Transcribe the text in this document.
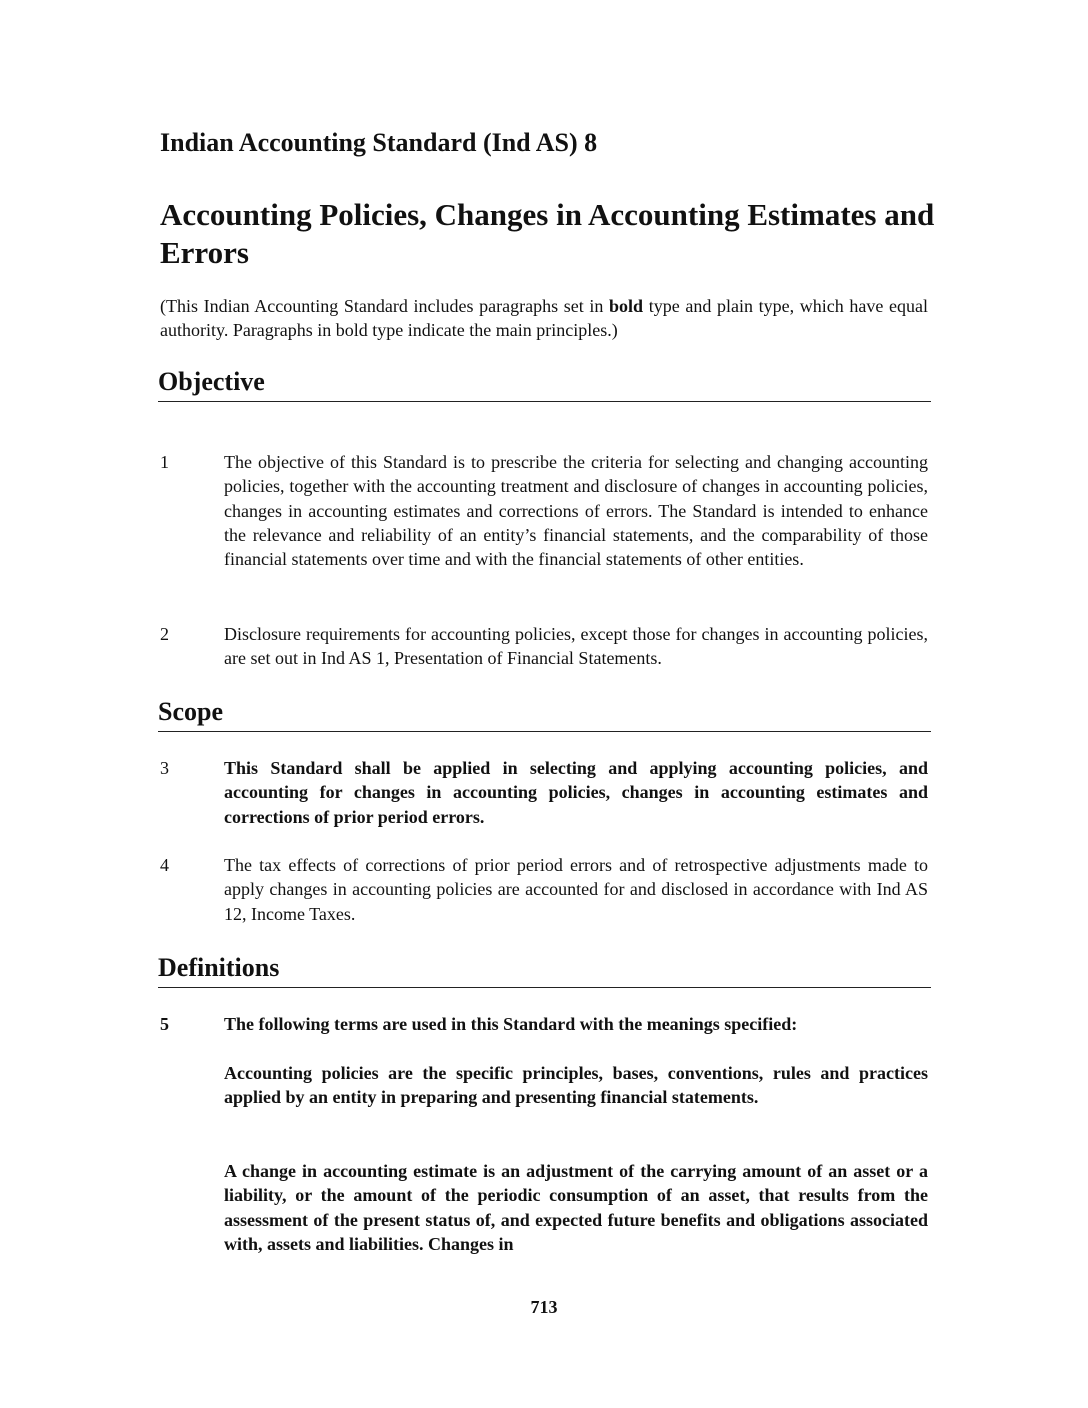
Indian Accounting Standard (Ind AS) 8
Accounting Policies, Changes in Accounting Estimates and Errors

(This Indian Accounting Standard includes paragraphs set in bold type and plain type, which have equal authority. Paragraphs in bold type indicate the main principles.)

Objective
1	The objective of this Standard is to prescribe the criteria for selecting and changing accounting policies, together with the accounting treatment and disclosure of changes in accounting policies, changes in accounting estimates and corrections of errors. The Standard is intended to enhance the relevance and reliability of an entity’s financial statements, and the comparability of those financial statements over time and with the financial statements of other entities.
2	Disclosure requirements for accounting policies, except those for changes in accounting policies, are set out in Ind AS 1, Presentation of Financial Statements.
Scope
3	This Standard shall be applied in selecting and applying accounting policies, and accounting for changes in accounting policies, changes in accounting estimates and corrections of prior period errors.
4	The tax effects of corrections of prior period errors and of retrospective adjustments made to apply changes in accounting policies are accounted for and disclosed in accordance with Ind AS 12, Income Taxes.
Definitions
5	The following terms are used in this Standard with the meanings specified:
Accounting policies are the specific principles, bases, conventions, rules and practices applied by an entity in preparing and presenting financial statements.
A change in accounting estimate is an adjustment of the carrying amount of an asset or a liability, or the amount of the periodic consumption of an asset, that results from the assessment of the present status of, and expected future benefits and obligations associated with, assets and liabilities. Changes in
713
